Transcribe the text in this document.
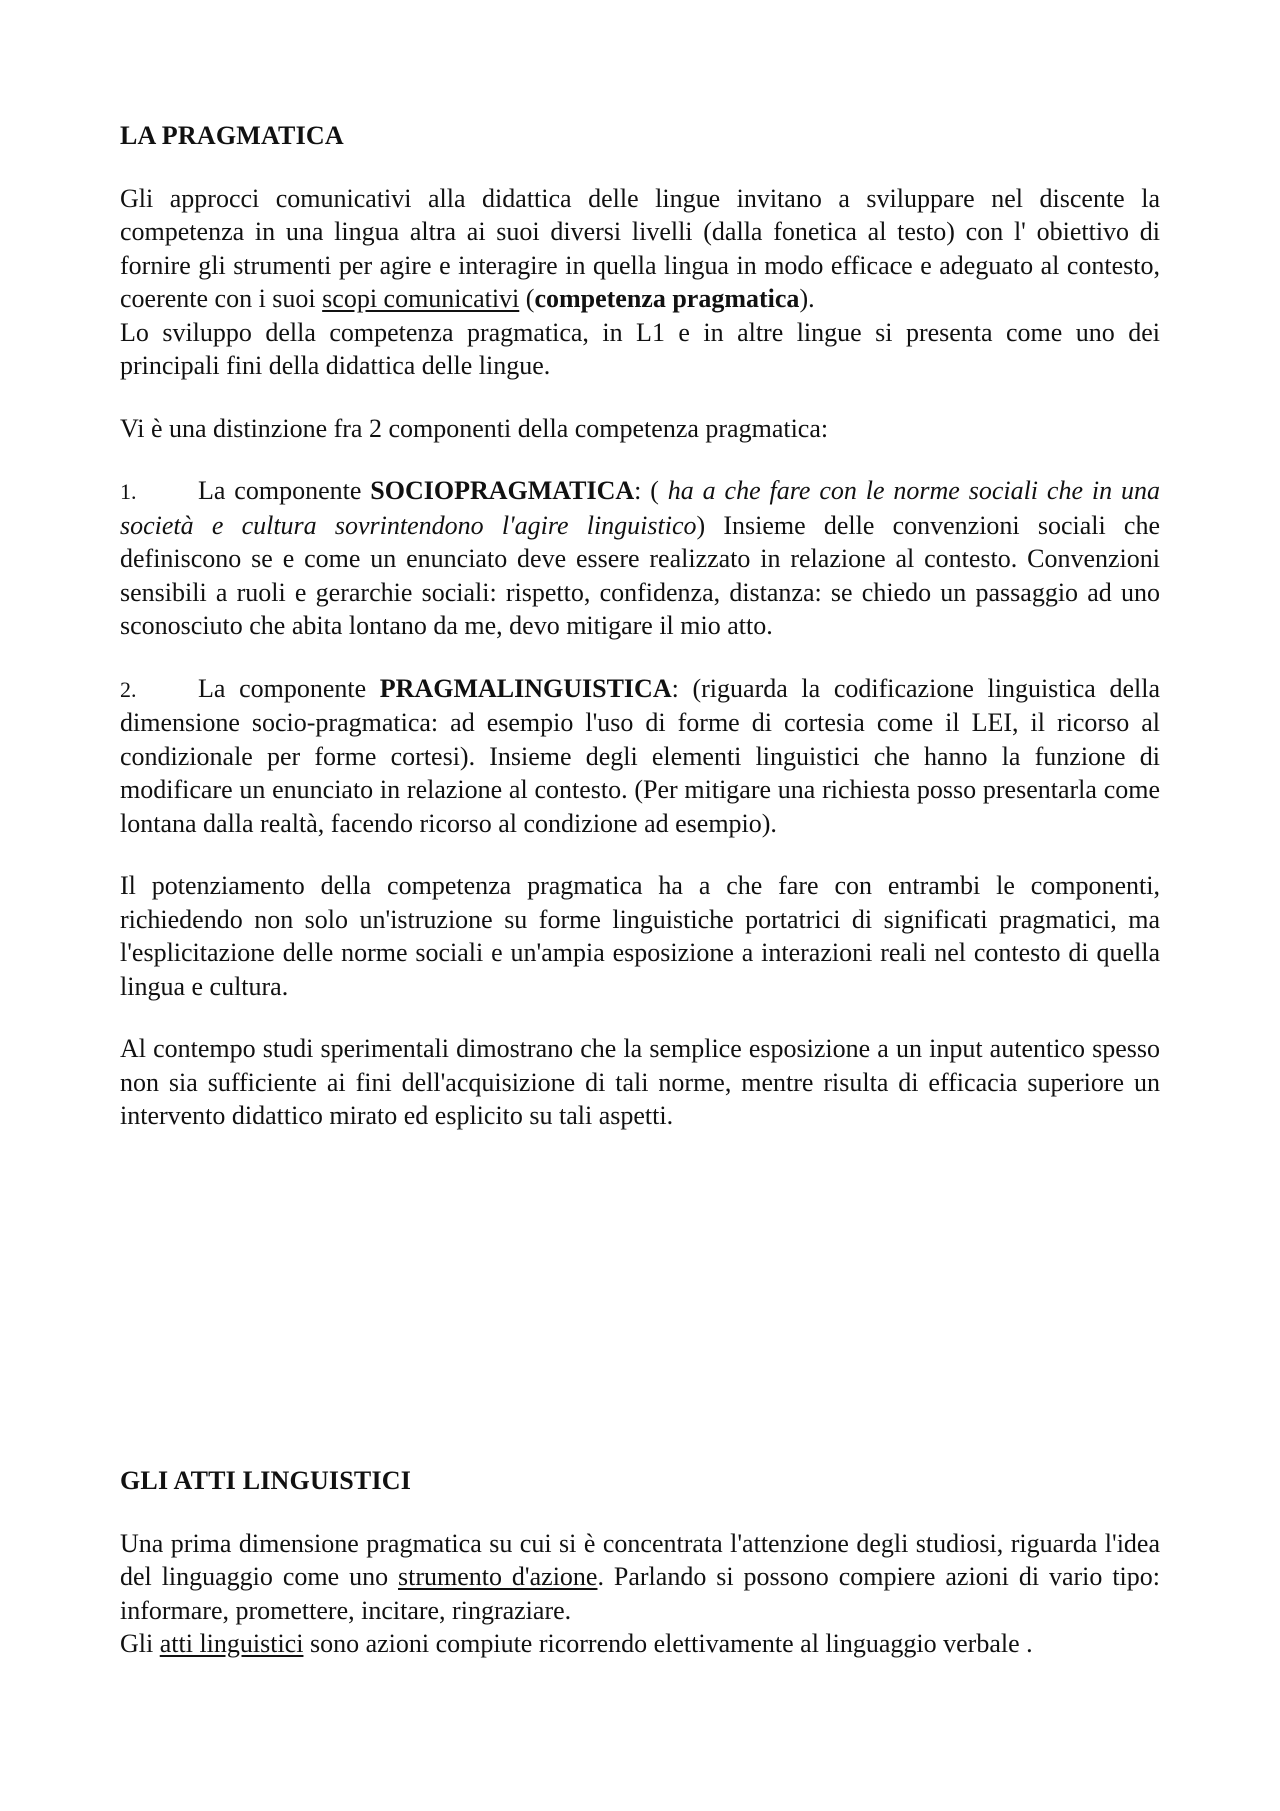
LA PRAGMATICA

Gli approcci comunicativi alla didattica delle lingue invitano a sviluppare nel discente la competenza in una lingua altra ai suoi diversi livelli (dalla fonetica al testo) con l' obiettivo di fornire gli strumenti per agire e interagire in quella lingua in modo efficace e adeguato al contesto, coerente con i suoi scopi comunicativi (competenza pragmatica).

Lo sviluppo della competenza pragmatica, in L1 e in altre lingue si presenta come uno dei principali fini della didattica delle lingue.

Vi è una distinzione fra 2 componenti della competenza pragmatica:

1. La componente SOCIOPRAGMATICA: ( ha a che fare con le norme sociali che in una società e cultura sovrintendono l'agire linguistico) Insieme delle convenzioni sociali che definiscono se e come un enunciato deve essere realizzato in relazione al contesto. Convenzioni sensibili a ruoli e gerarchie sociali: rispetto, confidenza, distanza: se chiedo un passaggio ad uno sconosciuto che abita lontano da me, devo mitigare il mio atto.

2. La componente PRAGMALINGUISTICA: (riguarda la codificazione linguistica della dimensione socio-pragmatica: ad esempio l'uso di forme di cortesia come il LEI, il ricorso al condizionale per forme cortesi). Insieme degli elementi linguistici che hanno la funzione di modificare un enunciato in relazione al contesto. (Per mitigare una richiesta posso presentarla come lontana dalla realtà, facendo ricorso al condizione ad esempio).

Il potenziamento della competenza pragmatica ha a che fare con entrambi le componenti, richiedendo non solo un'istruzione su forme linguistiche portatrici di significati pragmatici, ma l'esplicitazione delle norme sociali e un'ampia esposizione a interazioni reali nel contesto di quella lingua e cultura.

Al contempo studi sperimentali dimostrano che la semplice esposizione a un input autentico spesso non sia sufficiente ai fini dell'acquisizione di tali norme, mentre risulta di efficacia superiore un intervento didattico mirato ed esplicito su tali aspetti.

GLI ATTI LINGUISTICI

Una prima dimensione pragmatica su cui si è concentrata l'attenzione degli studiosi, riguarda l'idea del linguaggio come uno strumento d'azione. Parlando si possono compiere azioni di vario tipo: informare, promettere, incitare, ringraziare.

Gli atti linguistici sono azioni compiute ricorrendo elettivamente al linguaggio verbale .
